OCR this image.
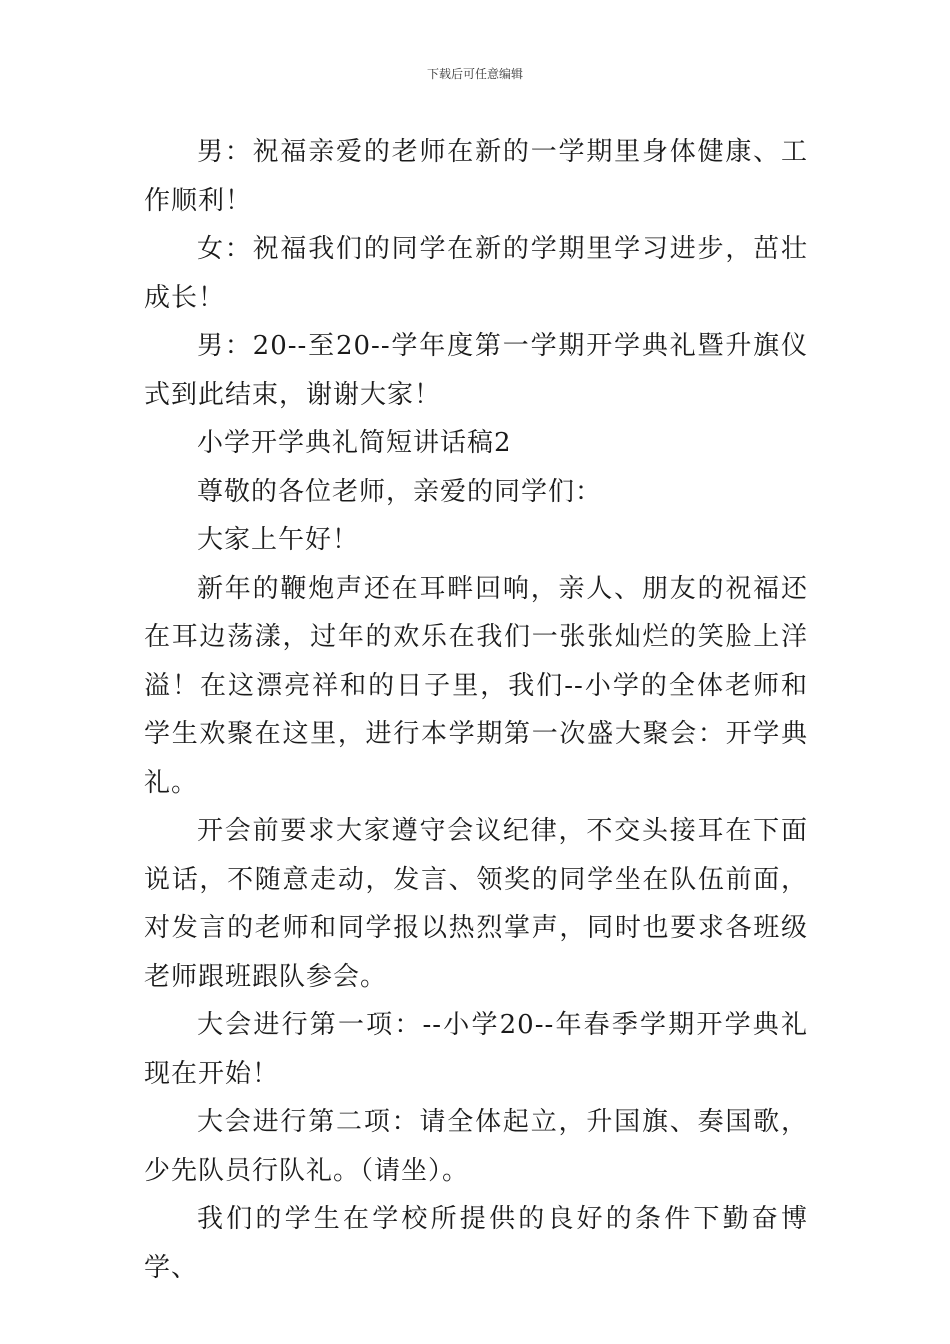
下载后可任意编辑

男：祝福亲爱的老师在新的一学期里身体健康、工作顺利！

女：祝福我们的同学在新的学期里学习进步，茁壮成长！

男：20--至20--学年度第一学期开学典礼暨升旗仪式到此结束，谢谢大家！

小学开学典礼简短讲话稿2

尊敬的各位老师，亲爱的同学们：

大家上午好！

新年的鞭炮声还在耳畔回响，亲人、朋友的祝福还在耳边荡漾，过年的欢乐在我们一张张灿烂的笑脸上洋溢！在这漂亮祥和的日子里，我们--小学的全体老师和学生欢聚在这里，进行本学期第一次盛大聚会：开学典礼。

开会前要求大家遵守会议纪律，不交头接耳在下面说话，不随意走动，发言、领奖的同学坐在队伍前面，对发言的老师和同学报以热烈掌声，同时也要求各班级老师跟班跟队参会。

大会进行第一项：--小学20--年春季学期开学典礼现在开始！

大会进行第二项：请全体起立，升国旗、奏国歌，少先队员行队礼。（请坐）。

我们的学生在学校所提供的良好的条件下勤奋博学、
